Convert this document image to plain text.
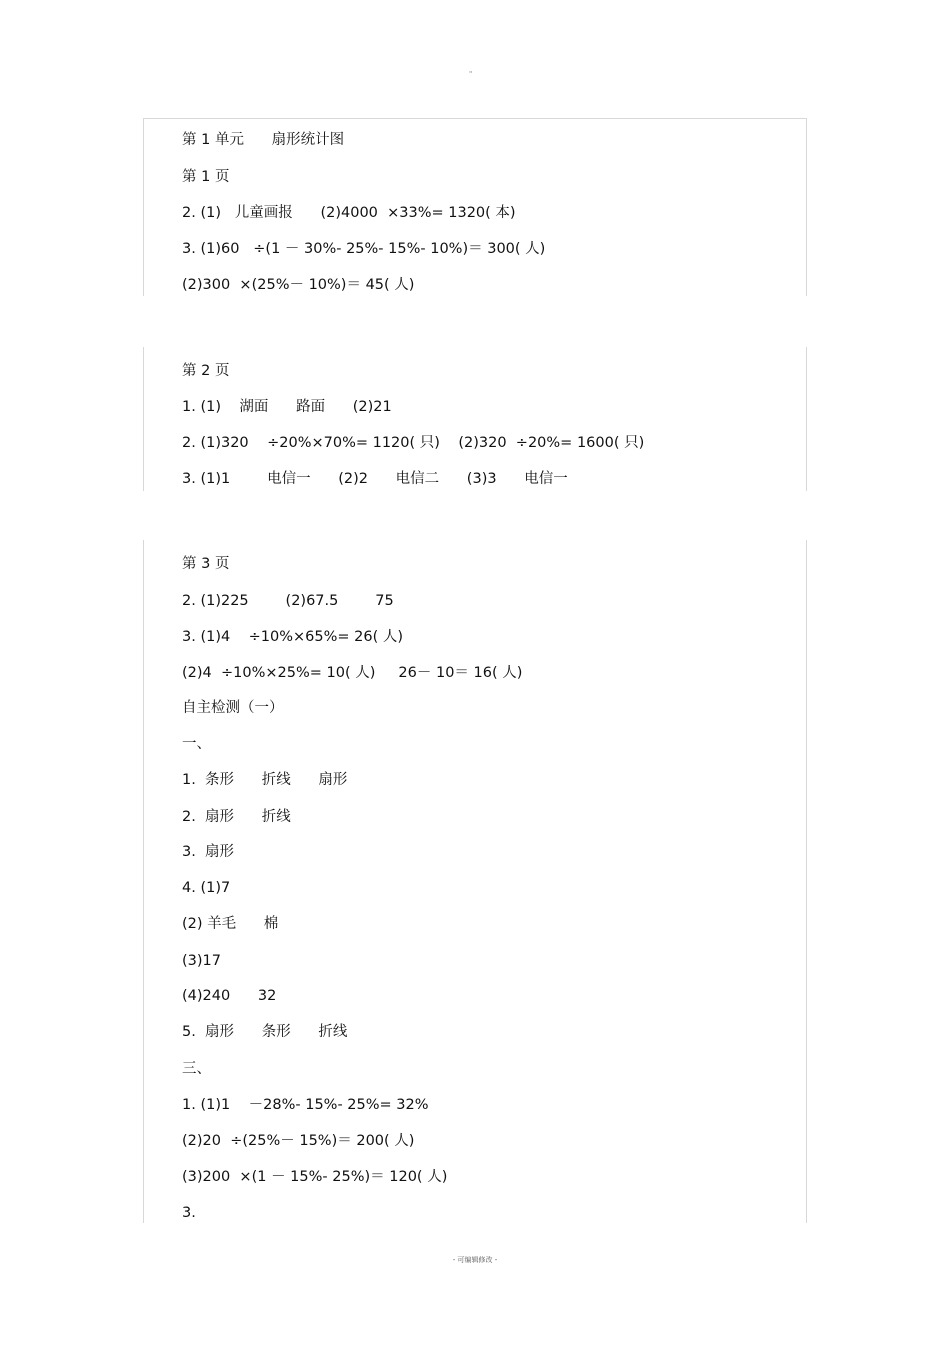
"
第 1 单元      扇形统计图
第 1 页
2. (1)   儿童画报      (2)4000  ×33%= 1320( 本)
3. (1)60   ÷(1 － 30%- 25%- 15%- 10%)＝ 300( 人)
(2)300  ×(25%－ 10%)＝ 45( 人)
第 2 页
1. (1)    湖面      路面      (2)21
2. (1)320    ÷20%×70%= 1120( 只)    (2)320  ÷20%= 1600( 只)
3. (1)1        电信一      (2)2      电信二      (3)3      电信一
第 3 页
2. (1)225        (2)67.5        75
3. (1)4    ÷10%×65%= 26( 人)
(2)4  ÷10%×25%= 10( 人)     26－ 10＝ 16( 人)
自主检测（一）
一、
1.  条形      折线      扇形
2.  扇形      折线
3.  扇形
4. (1)7
(2) 羊毛      棉
(3)17
(4)240      32
5.  扇形      条形      折线
三、
1. (1)1    －28%- 15%- 25%= 32%
(2)20  ÷(25%－ 15%)＝ 200( 人)
(3)200  ×(1 － 15%- 25%)＝ 120( 人)
3.
- 可编辑修改 -
